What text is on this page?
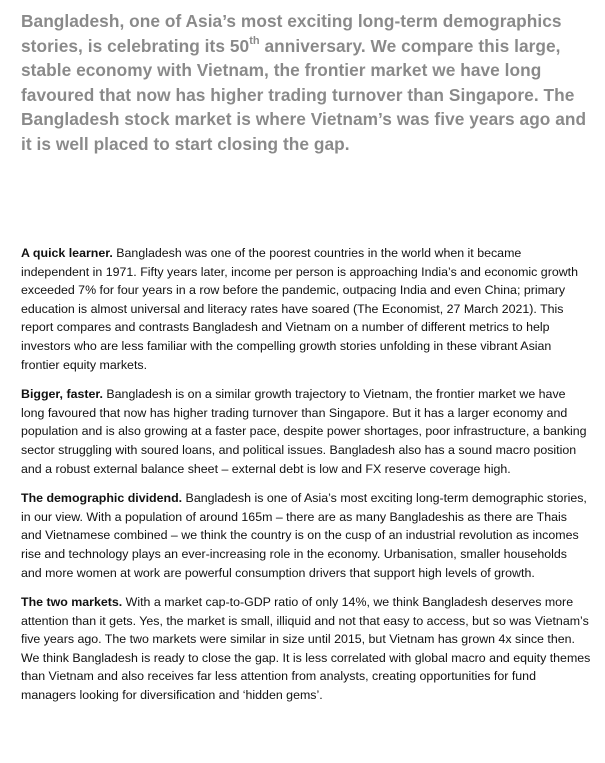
Bangladesh, one of Asia’s most exciting long-term demographics stories, is celebrating its 50th anniversary. We compare this large, stable economy with Vietnam, the frontier market we have long favoured that now has higher trading turnover than Singapore. The Bangladesh stock market is where Vietnam’s was five years ago and it is well placed to start closing the gap.

A quick learner. Bangladesh was one of the poorest countries in the world when it became independent in 1971. Fifty years later, income per person is approaching India’s and economic growth exceeded 7% for four years in a row before the pandemic, outpacing India and even China; primary education is almost universal and literacy rates have soared (The Economist, 27 March 2021). This report compares and contrasts Bangladesh and Vietnam on a number of different metrics to help investors who are less familiar with the compelling growth stories unfolding in these vibrant Asian frontier equity markets.

Bigger, faster. Bangladesh is on a similar growth trajectory to Vietnam, the frontier market we have long favoured that now has higher trading turnover than Singapore. But it has a larger economy and population and is also growing at a faster pace, despite power shortages, poor infrastructure, a banking sector struggling with soured loans, and political issues. Bangladesh also has a sound macro position and a robust external balance sheet – external debt is low and FX reserve coverage high.

The demographic dividend. Bangladesh is one of Asia’s most exciting long-term demographic stories, in our view. With a population of around 165m – there are as many Bangladeshis as there are Thais and Vietnamese combined – we think the country is on the cusp of an industrial revolution as incomes rise and technology plays an ever-increasing role in the economy. Urbanisation, smaller households and more women at work are powerful consumption drivers that support high levels of growth.

The two markets. With a market cap-to-GDP ratio of only 14%, we think Bangladesh deserves more attention than it gets. Yes, the market is small, illiquid and not that easy to access, but so was Vietnam’s five years ago. The two markets were similar in size until 2015, but Vietnam has grown 4x since then. We think Bangladesh is ready to close the gap. It is less correlated with global macro and equity themes than Vietnam and also receives far less attention from analysts, creating opportunities for fund managers looking for diversification and ‘hidden gems’.
